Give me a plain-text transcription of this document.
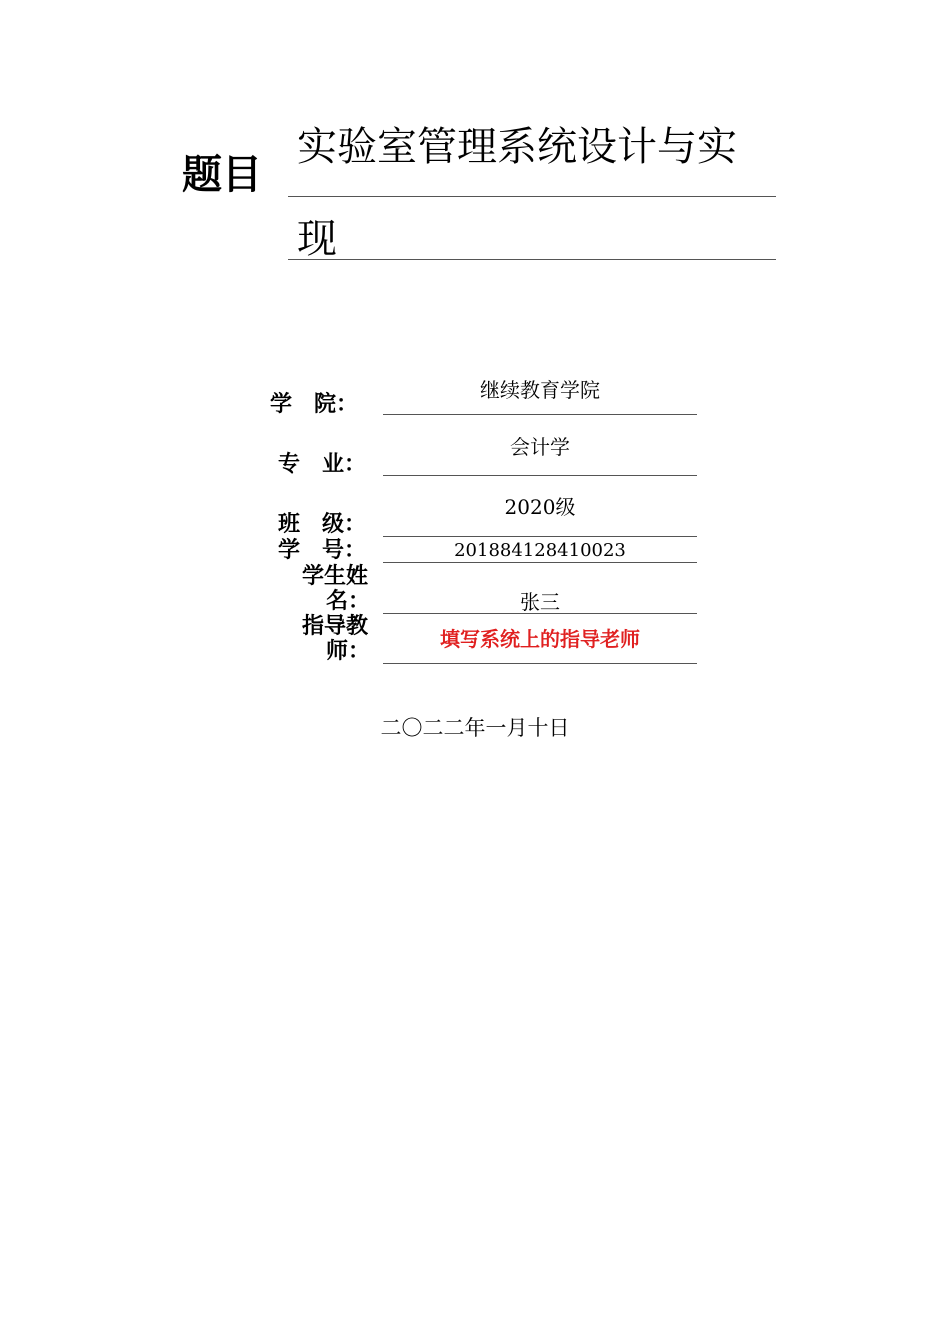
题目
实验室管理系统设计与实
现
学　院：
继续教育学院
专　业：
会计学
班　级：
2020级
学　号：	201884128410023
学生姓
名：	张三
指导教
师：	填写系统上的指导老师
二〇二二年一月十日
